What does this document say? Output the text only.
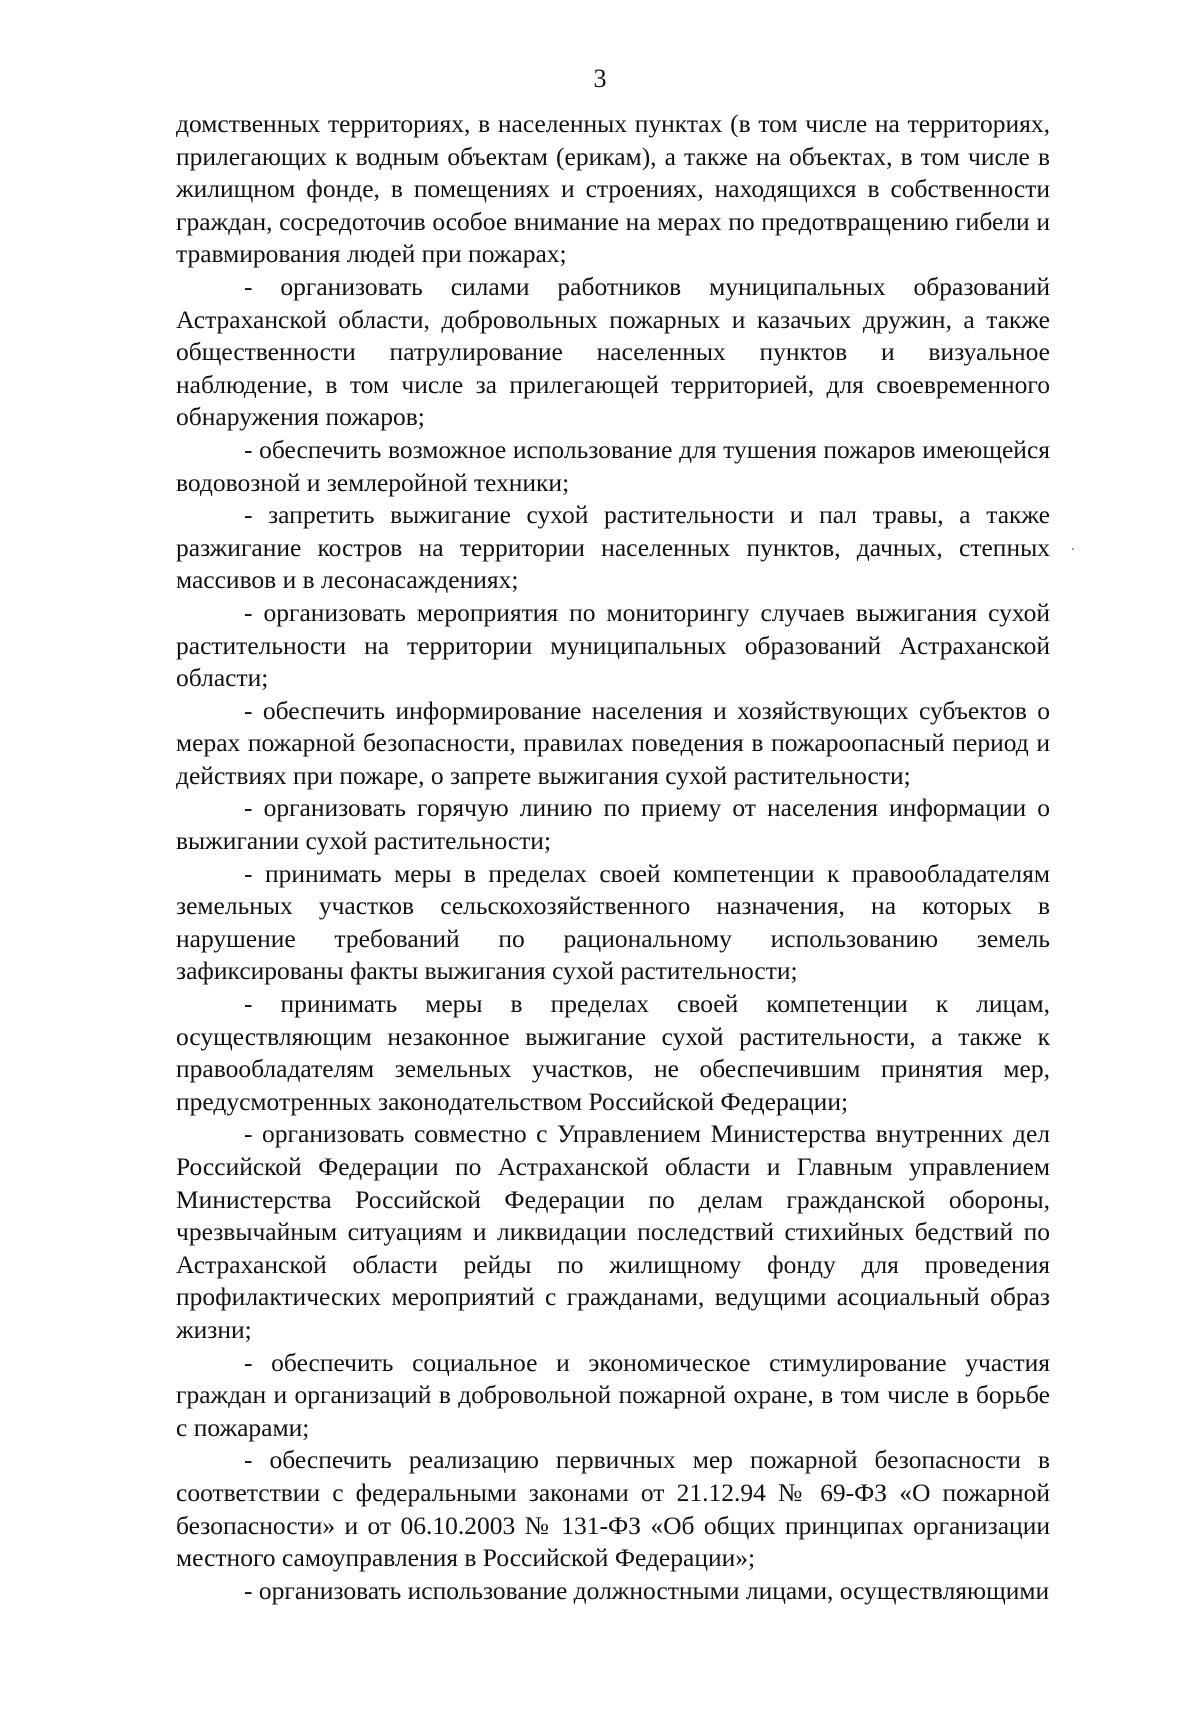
3

домственных территориях, в населенных пунктах (в том числе на территориях, прилегающих к водным объектам (ерикам), а также на объектах, в том числе в жилищном фонде, в помещениях и строениях, находящихся в собственности граждан, сосредоточив особое внимание на мерах по предотвращению гибели и травмирования людей при пожарах;

- организовать силами работников муниципальных образований Астраханской области, добровольных пожарных и казачьих дружин, а также общественности патрулирование населенных пунктов и визуальное наблюдение, в том числе за прилегающей территорией, для своевременного обнаружения пожаров;

- обеспечить возможное использование для тушения пожаров имеющейся водовозной и землеройной техники;

- запретить выжигание сухой растительности и пал травы, а также разжигание костров на территории населенных пунктов, дачных, степных массивов и в лесонасаждениях;

- организовать мероприятия по мониторингу случаев выжигания сухой растительности на территории муниципальных образований Астраханской области;

- обеспечить информирование населения и хозяйствующих субъектов о мерах пожарной безопасности, правилах поведения в пожароопасный период и действиях при пожаре, о запрете выжигания сухой растительности;

- организовать горячую линию по приему от населения информации о выжигании сухой растительности;

- принимать меры в пределах своей компетенции к правообладателям земельных участков сельскохозяйственного назначения, на которых в нарушение требований по рациональному использованию земель зафиксированы факты выжигания сухой растительности;

- принимать меры в пределах своей компетенции к лицам, осуществляющим незаконное выжигание сухой растительности, а также к правообладателям земельных участков, не обеспечившим принятия мер, предусмотренных законодательством Российской Федерации;

- организовать совместно с Управлением Министерства внутренних дел Российской Федерации по Астраханской области и Главным управлением Министерства Российской Федерации по делам гражданской обороны, чрезвычайным ситуациям и ликвидации последствий стихийных бедствий по Астраханской области рейды по жилищному фонду для проведения профилактических мероприятий с гражданами, ведущими асоциальный образ жизни;

- обеспечить социальное и экономическое стимулирование участия граждан и организаций в добровольной пожарной охране, в том числе в борьбе с пожарами;

- обеспечить реализацию первичных мер пожарной безопасности в соответствии с федеральными законами от 21.12.94 № 69-ФЗ «О пожарной безопасности» и от 06.10.2003 № 131-ФЗ «Об общих принципах организации местного самоуправления в Российской Федерации»;

- организовать использование должностными лицами, осуществляющими
